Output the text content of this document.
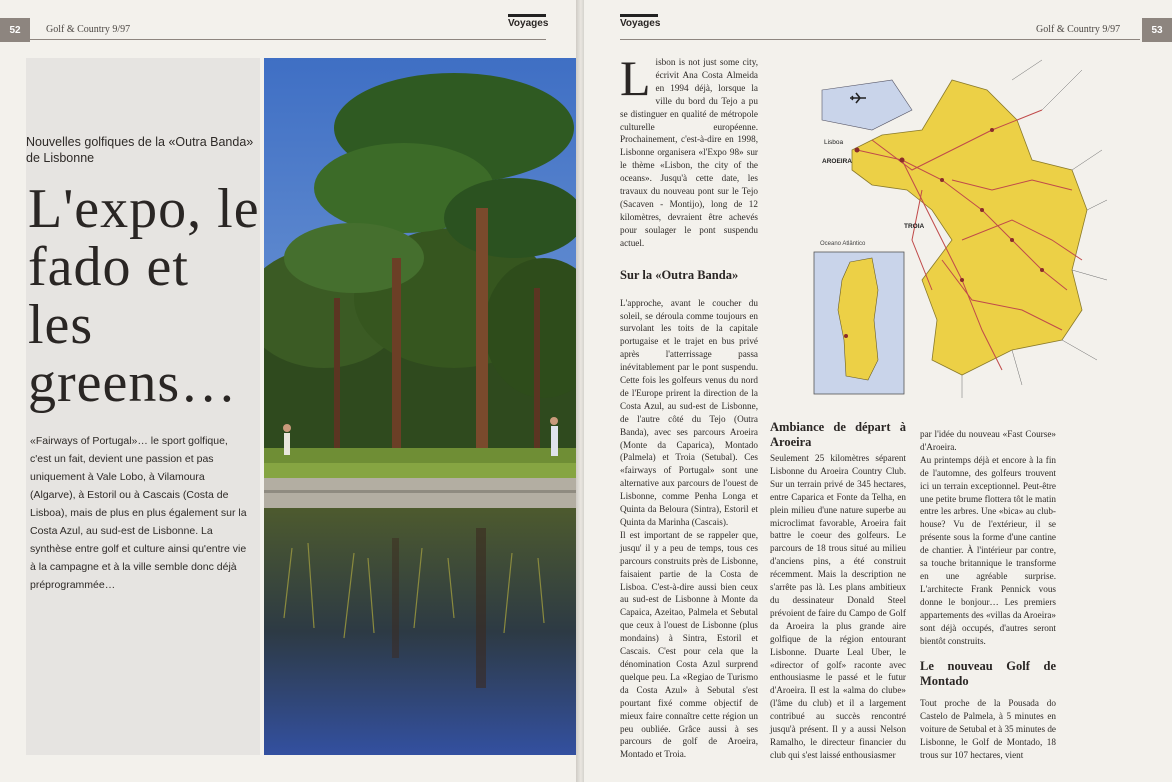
52	Golf & Country 9/97
Voyages
Nouvelles golfiques de la «Outra Banda» de Lisbonne
L'expo, le fado et les greens…
«Fairways of Portugal»… le sport golfique, c'est un fait, devient une passion et pas uniquement à Vale Lobo, à Vilamoura (Algarve), à Estoril ou à Cascais (Costa de Lisboa), mais de plus en plus également sur la Costa Azul, au sud-est de Lisbonne. La synthèse entre golf et culture ainsi qu'entre vie à la campagne et à la ville semble donc déjà préprogrammée…
Voyages
Golf & Country 9/97	53

Lisbon is not just some city, écrivit Ana Costa Almeida en 1994 déjà, lorsque la ville du bord du Tejo a pu se distinguer en qualité de métropole culturelle européenne. Prochainement, c'est-à-dire en 1998, Lisbonne organisera «l'Expo 98» sur le thème «Lisbon, the city of the oceans». Jusqu'à cette date, les travaux du nouveau pont sur le Tejo (Sacaven - Montijo), long de 12 kilomètres, devraient être achevés pour soulager le pont suspendu actuel.

Sur la «Outra Banda»

L'approche, avant le coucher du soleil, se déroula comme toujours en survolant les toits de la capitale portugaise et le trajet en bus privé après l'atterrissage passa inévitablement par le pont suspendu. Cette fois les golfeurs venus du nord de l'Europe prirent la direction de la Costa Azul, au sud-est de Lisbonne, de l'autre côté du Tejo (Outra Banda), avec ses parcours Aroeira (Monte da Caparica), Montado (Palmela) et Troia (Setubal). Ces «fairways of Portugal» sont une alternative aux parcours de l'ouest de Lisbonne, comme Penha Longa et Quinta da Beloura (Sintra), Estoril et Quinta da Marinha (Cascais).

Il est important de se rappeler que, jusqu' il y a peu de temps, tous ces parcours construits près de Lisbonne, faisaient partie de la Costa de Lisboa. C'est-à-dire aussi bien ceux au sud-est de Lisbonne à Monte da Capaica, Azeitao, Palmela et Sebutal que ceux à l'ouest de Lisbonne (plus mondains) à Sintra, Estoril et Cascais. C'est pour cela que la dénomination Costa Azul surprend quelque peu. La «Regiao de Turismo da Costa Azul» à Sebutal s'est pourtant fixé comme objectif de mieux faire connaître cette région un peu oubliée. Grâce aussi à ses parcours de golf de Aroeira, Montado et Troia.

Ambiance de départ à Aroeira

Seulement 25 kilomètres séparent Lisbonne du Aroeira Country Club. Sur un terrain privé de 345 hectares, entre Caparica et Fonte da Telha, en plein milieu d'une nature superbe au microclimat favorable, Aroeira fait battre le coeur des golfeurs. Le parcours de 18 trous situé au milieu d'anciens pins, a été construit récemment. Mais la description ne s'arrête pas là. Les plans ambitieux du dessinateur Donald Steel prévoient de faire du Campo de Golf da Aroeira la plus grande aire golfique de la région entourant Lisbonne. Duarte Leal Uber, le «director of golf» raconte avec enthousiasme le passé et le futur d'Aroeira. Il est la «alma do clube» (l'âme du club) et il a largement contribué au succès rencontré jusqu'à présent. Il y a aussi Nelson Ramalho, le directeur financier du club qui s'est laissé enthousiasmer

par l'idée du nouveau «Fast Course» d'Aroeira.

Au printemps déjà et encore à la fin de l'automne, des golfeurs trouvent ici un terrain exceptionnel. Peut-être une petite brume flottera tôt le matin entre les arbres. Une «bica» au club-house? Vu de l'extérieur, il se présente sous la forme d'une cantine de chantier. À l'intérieur par contre, sa touche britannique le transforme en une agréable surprise. L'architecte Frank Pennick vous donne le bonjour… Les premiers appartements des «villas da Aroeira» sont déjà occupés, d'autres seront bientôt construits.

Le nouveau Golf de Montado

Tout proche de la Pousada do Castelo de Palmela, à 5 minutes en voiture de Setubal et à 35 minutes de Lisbonne, le Golf de Montado, 18 trous sur 107 hectares, vient

Lisboa
AROEIRA
TROIA
Oceano Atlântico
